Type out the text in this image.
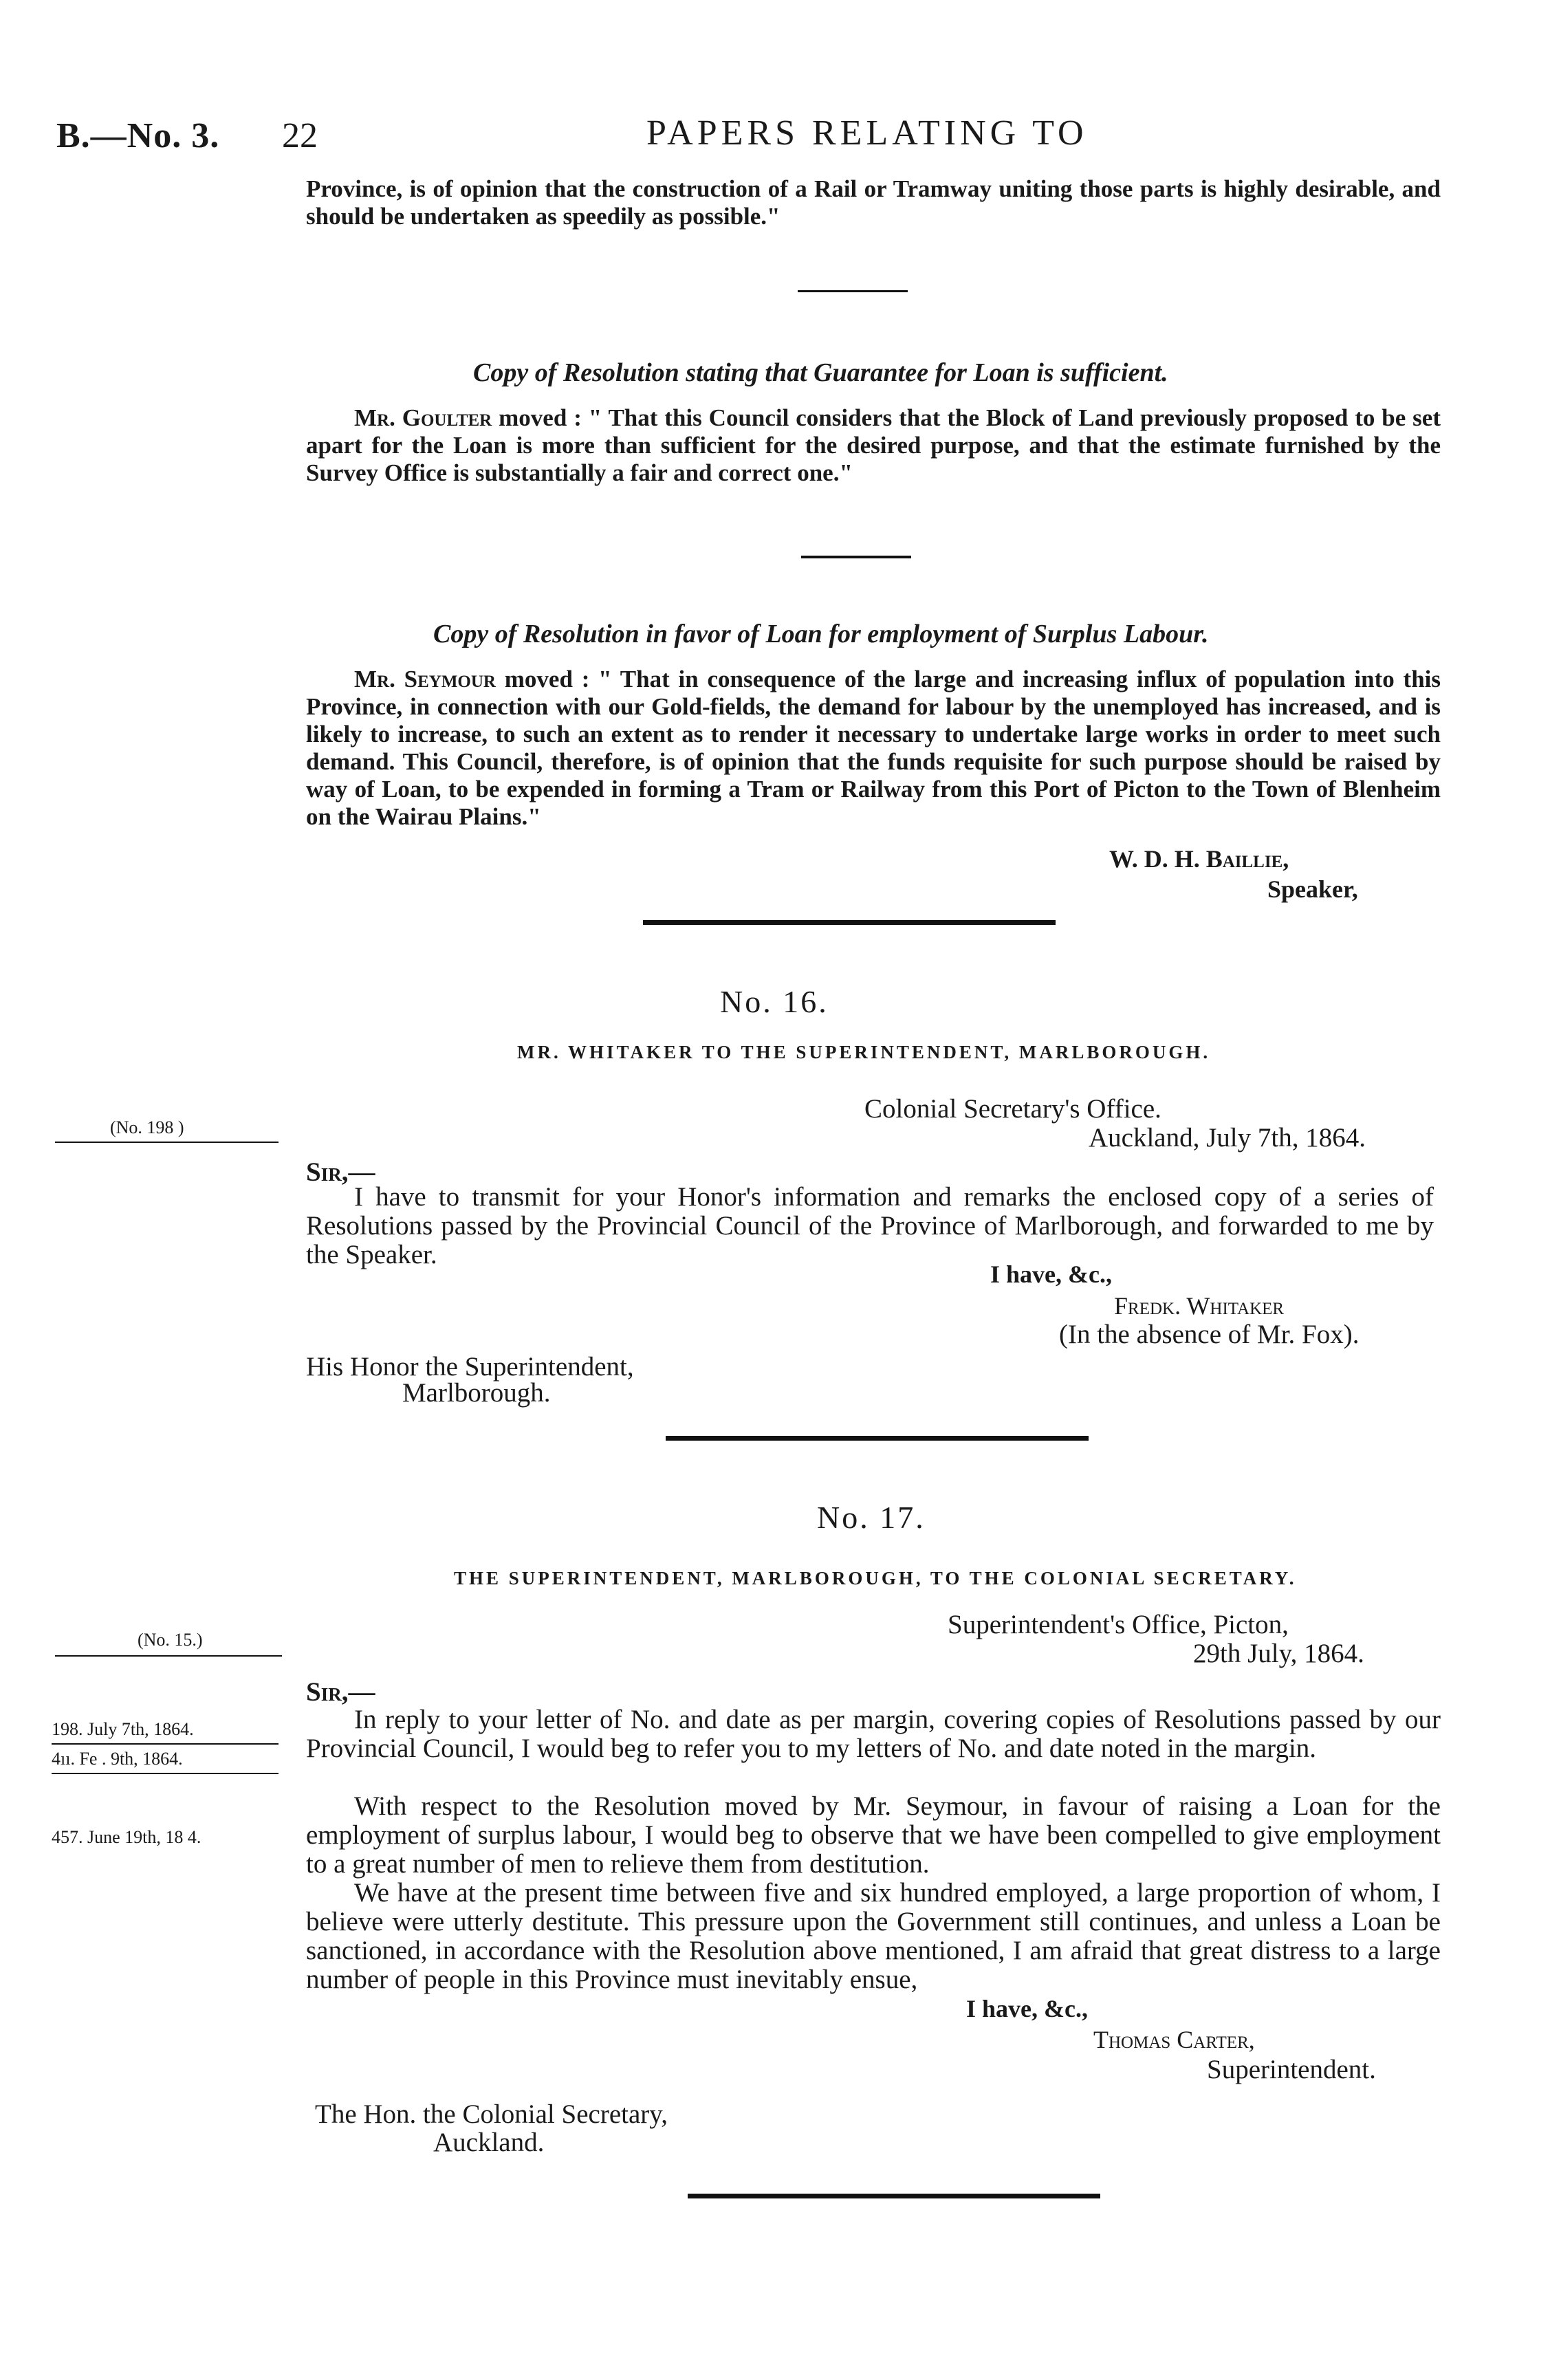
B.—No. 3. 22	PAPERS RELATING TO
Province, is of opinion that the construction of a Rail or Tramway uniting those parts is highly desirable, and should be undertaken as speedily as possible."
Copy of Resolution stating that Guarantee for Loan is sufficient.
Mr. Goulter moved : " That this Council considers that the Block of Land previously proposed to be set apart for the Loan is more than sufficient for the desired purpose, and that the estimate furnished by the Survey Office is substantially a fair and correct one."
Copy of Resolution in favor of Loan for employment of Surplus Labour.
Mr. Seymour moved : " That in consequence of the large and increasing influx of population into this Province, in connection with our Gold-fields, the demand for labour by the unemployed has increased, and is likely to increase, to such an extent as to render it necessary to undertake large works in order to meet such demand. This Council, therefore, is of opinion that the funds requisite for such purpose should be raised by way of Loan, to be expended in forming a Tram or Railway from this Port of Picton to the Town of Blenheim on the Wairau Plains."
W. D. H. Baillie,
Speaker,
No. 16.
MR. WHITAKER TO THE SUPERINTENDENT, MARLBOROUGH.
(No. 198 )
Colonial Secretary's Office.
Auckland, July 7th, 1864.
Sir,—
I have to transmit for your Honor's information and remarks the enclosed copy of a series of Resolutions passed by the Provincial Council of the Province of Marlborough, and forwarded to me by the Speaker.
I have, &c.,
Fredk. Whitaker
(In the absence of Mr. Fox).
His Honor the Superintendent,
Marlborough.
No. 17.
THE SUPERINTENDENT, MARLBOROUGH, TO THE COLONIAL SECRETARY.
(No. 15.)
Superintendent's Office, Picton,
29th July, 1864.
Sir,—
198. July 7th, 1864.
4ıı. Fe . 9th, 1864.
457. June 19th, 18 4.
In reply to your letter of No. and date as per margin, covering copies of Resolutions passed by our Provincial Council, I would beg to refer you to my letters of No. and date noted in the margin.
With respect to the Resolution moved by Mr. Seymour, in favour of raising a Loan for the employment of surplus labour, I would beg to observe that we have been compelled to give employment to a great number of men to relieve them from destitution.
We have at the present time between five and six hundred employed, a large proportion of whom, I believe were utterly destitute. This pressure upon the Government still continues, and unless a Loan be sanctioned, in accordance with the Resolution above mentioned, I am afraid that great distress to a large number of people in this Province must inevitably ensue,
I have, &c.,
Thomas Carter,
Superintendent.
The Hon. the Colonial Secretary,
Auckland.
